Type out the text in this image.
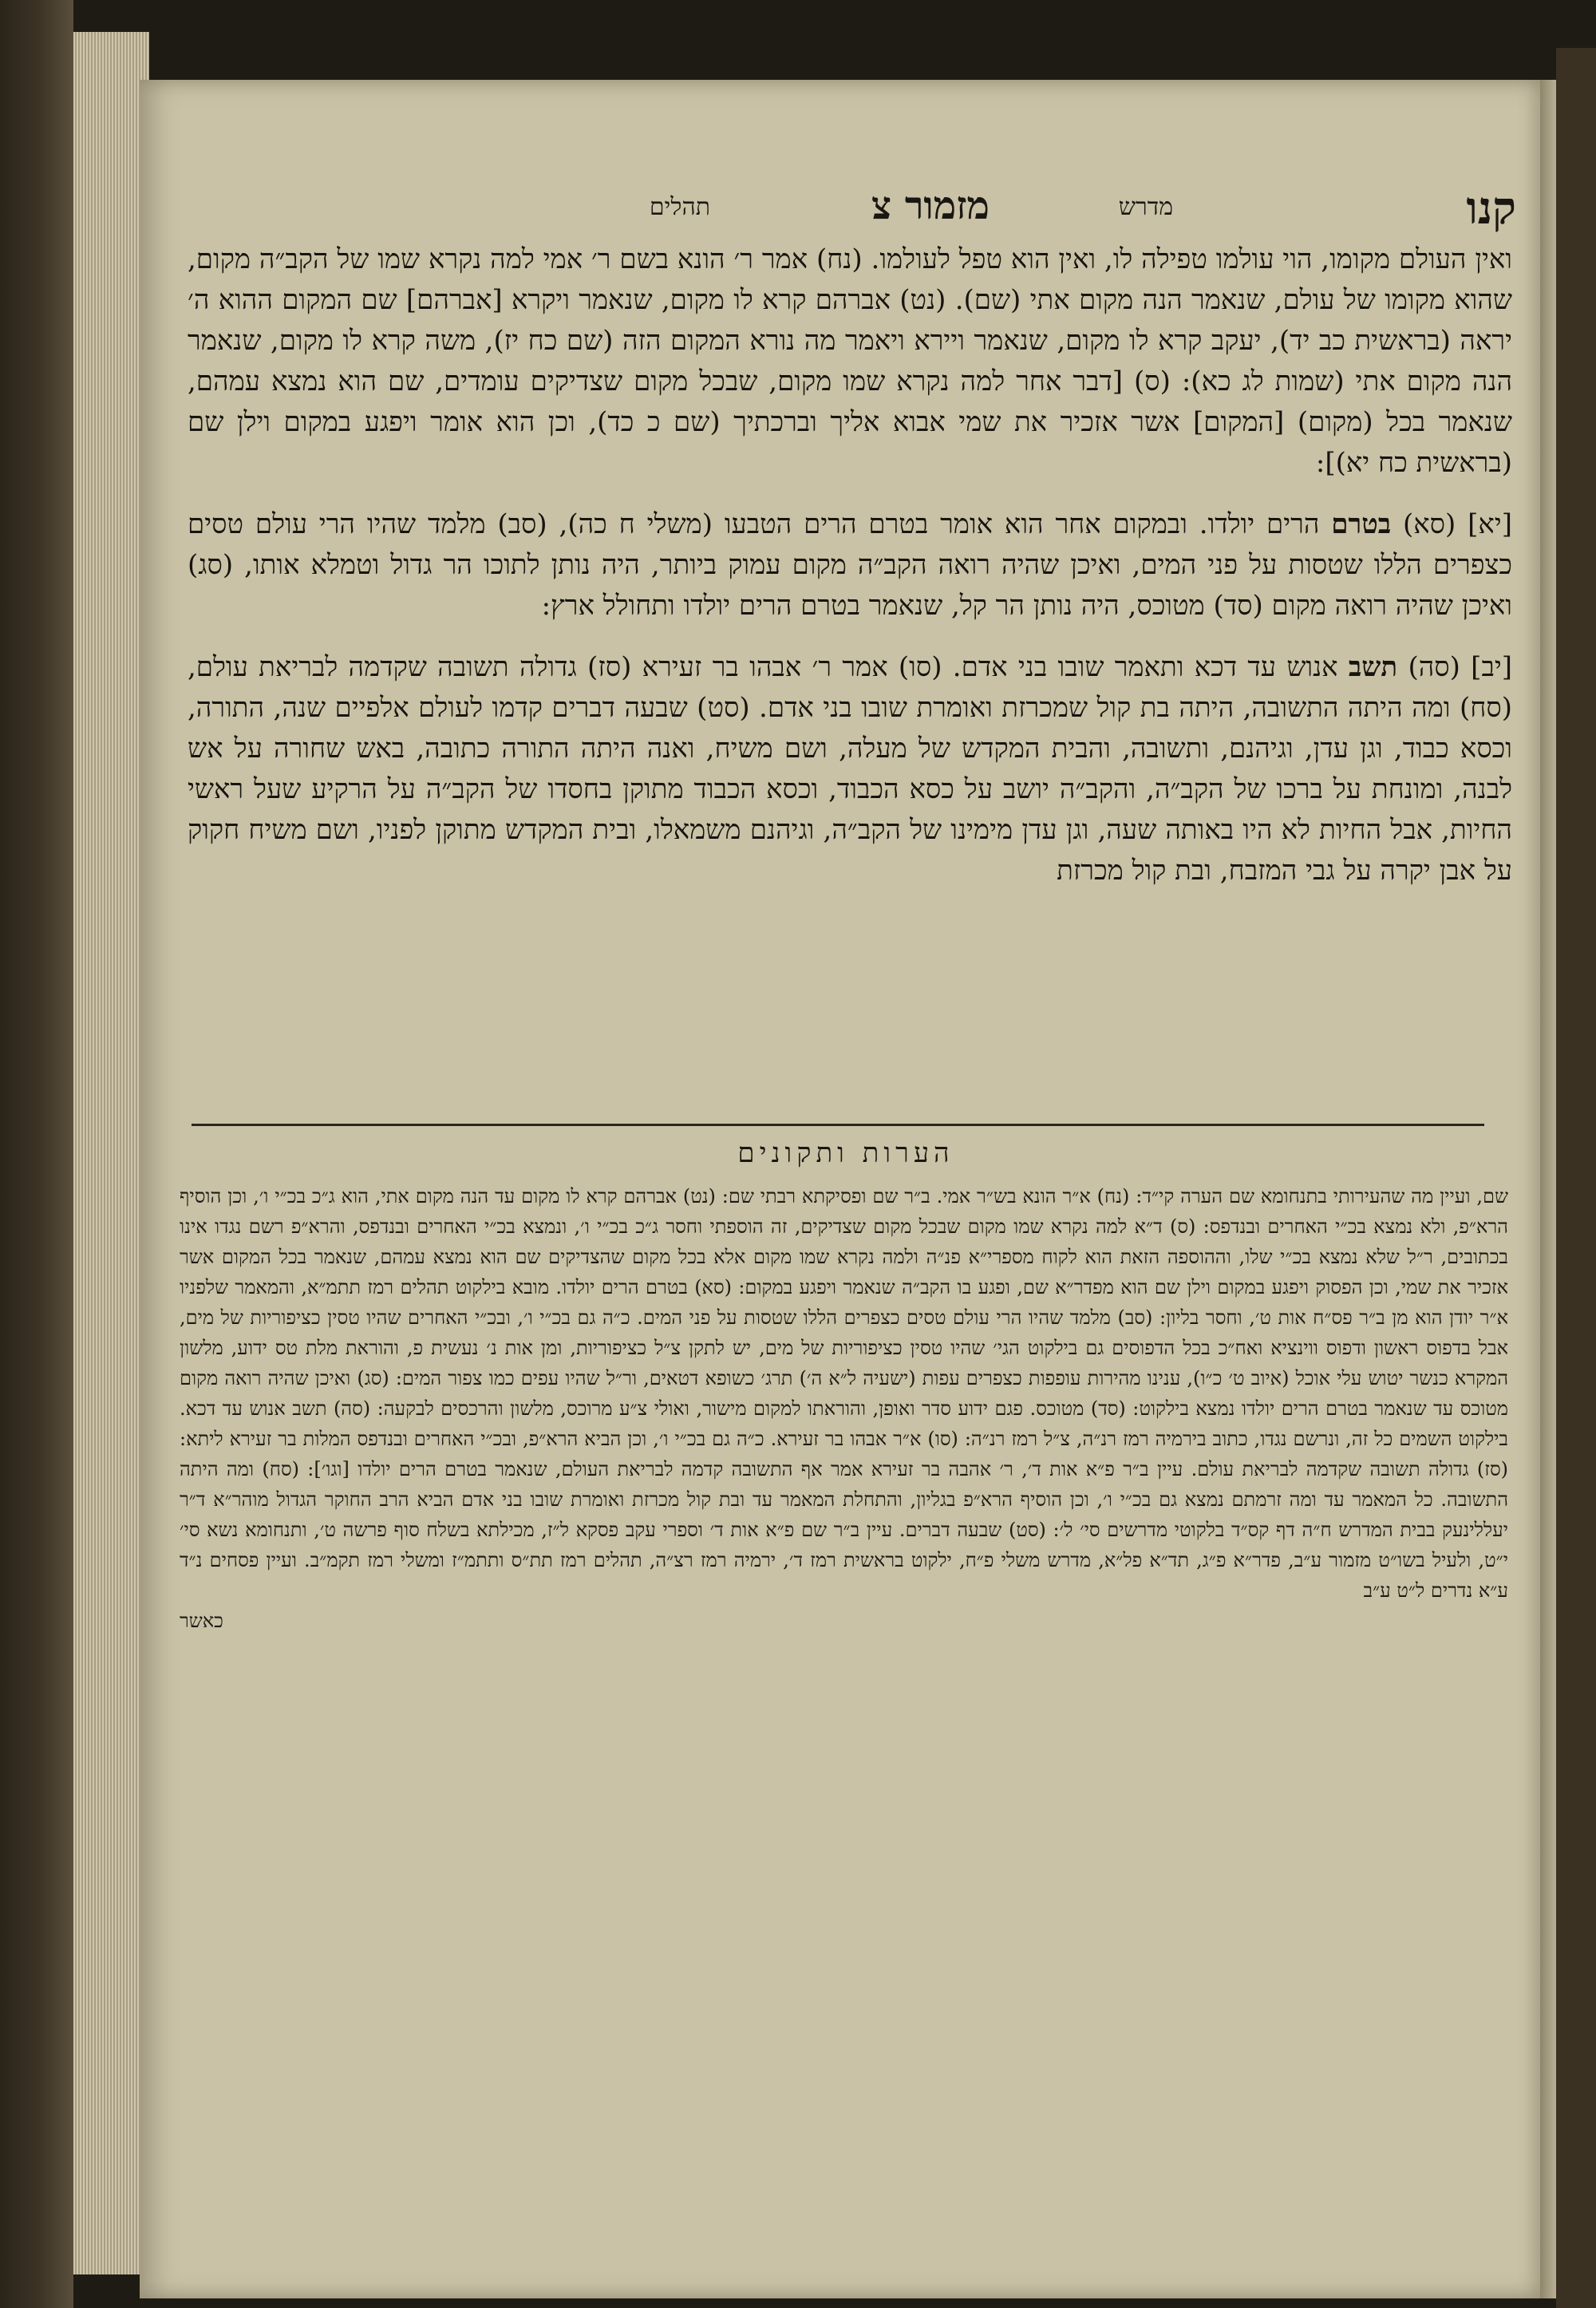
קנו
מדרש
מזמור צ
תהלים

ואין העולם מקומו, הוי עולמו טפילה לו, ואין הוא טפל לעולמו. (נח) אמר ר׳ הונא בשם ר׳ אמי למה נקרא שמו של הקב״ה מקום, שהוא מקומו של עולם, שנאמר הנה מקום אתי (שם). (נט) אברהם קרא לו מקום, שנאמר ויקרא [אברהם] שם המקום ההוא ה׳ יראה (בראשית כב יד), יעקב קרא לו מקום, שנאמר ויירא ויאמר מה נורא המקום הזה (שם כח יז), משה קרא לו מקום, שנאמר הנה מקום אתי (שמות לג כא): (ס) [דבר אחר למה נקרא שמו מקום, שבכל מקום שצדיקים עומדים, שם הוא נמצא עמהם, שנאמר בכל (מקום) [המקום] אשר אזכיר את שמי אבוא אליך וברכתיך (שם כ כד), וכן הוא אומר ויפגע במקום וילן שם (בראשית כח יא)]:

[יא] (סא) בטרם הרים יולדו. ובמקום אחר הוא אומר בטרם הרים הטבעו (משלי ח כה), (סב) מלמד שהיו הרי עולם טסים כצפרים הללו שטסות על פני המים, ואיכן שהיה רואה הקב״ה מקום עמוק ביותר, היה נותן לתוכו הר גדול וטמלא אותו, (סג) ואיכן שהיה רואה מקום (סד) מטוכס, היה נותן הר קל, שנאמר בטרם הרים יולדו ותחולל ארץ:

[יב] (סה) תשב אנוש עד דכא ותאמר שובו בני אדם. (סו) אמר ר׳ אבהו בר זעירא (סז) גדולה תשובה שקדמה לבריאת עולם, (סח) ומה היתה התשובה, היתה בת קול שמכרזת ואומרת שובו בני אדם. (סט) שבעה דברים קדמו לעולם אלפיים שנה, התורה, וכסא כבוד, וגן עדן, וגיהנם, ותשובה, והבית המקדש של מעלה, ושם משיח, ואנה היתה התורה כתובה, באש שחורה על אש לבנה, ומונחת על ברכו של הקב״ה, והקב״ה יושב על כסא הכבוד, וכסא הכבוד מתוקן בחסדו של הקב״ה על הרקיע שעל ראשי החיות, אבל החיות לא היו באותה שעה, וגן עדן מימינו של הקב״ה, וגיהנם משמאלו, ובית המקדש מתוקן לפניו, ושם משיח חקוק על אבן יקרה על גבי המזבח, ובת קול מכרזת

הערות ותקונים
שם, ועיין מה שהעירותי בתנחומא שם הערה קי״ד: (נח) א״ר הונא בש״ר אמי. ב״ר שם ופסיקתא רבתי שם: (נט) אברהם קרא לו מקום עד הנה מקום אתי, הוא ג״כ בכ״י ו׳, וכן הוסיף הרא״פ, ולא נמצא בכ״י האחרים ובנדפס: (ס) ד״א למה נקרא שמו מקום שבכל מקום שצדיקים, זה הוספתי וחסר ג״כ בכ״י ו׳, ונמצא בכ״י האחרים ובנדפס, והרא״פ רשם נגדו אינו בכתובים, ר״ל שלא נמצא בכ״י שלו, וההוספה הזאת הוא לקוח מספרי״א פנ״ה ולמה נקרא שמו מקום אלא בכל מקום שהצדיקים שם הוא נמצא עמהם, שנאמר בכל המקום אשר אזכיר את שמי, וכן הפסוק ויפגע במקום וילן שם הוא מפדר״א שם, ופגע בו הקב״ה שנאמר ויפגע במקום: (סא) בטרם הרים יולדו. מובא בילקוט תהלים רמז תתמ״א, והמאמר שלפניו א״ר יודן הוא מן ב״ר פס״ח אות ט׳, וחסר בליון: (סב) מלמד שהיו הרי עולם טסים כצפרים הללו שטסות על פני המים. כ״ה גם בכ״י ו׳, ובכ״י האחרים שהיו טסין כציפוריות של מים, אבל בדפוס ראשון ודפוס ווינציא ואח״כ בכל הדפוסים גם בילקוט הגי׳ שהיו טסין כציפוריות של מים, יש לתקן צ״ל כציפוריות, ומן אות נ׳ נעשית פ, והוראת מלת טס ידוע, מלשון המקרא כנשר יטוש עלי אוכל (איוב ט׳ כ״ו), ענינו מהירות עופפות כצפרים עפות (ישעיה ל״א ה׳) תרג׳ כשופא דטאים, ור״ל שהיו עפים כמו צפור המים: (סג) ואיכן שהיה רואה מקום מטוכס עד שנאמר בטרם הרים יולדו נמצא בילקוט: (סד) מטוכס. פגם ידוע סדר ואופן, והוראתו למקום מישור, ואולי צ״ע מרוכס, מלשון והרכסים לבקעה: (סה) תשב אנוש עד דכא. בילקוט השמים כל זה, ונרשם נגדו, כתוב בירמיה רמז רנ״ה, צ״ל רמז רנ״ה: (סו) א״ר אבהו בר זעירא. כ״ה גם בכ״י ו׳, וכן הביא הרא״פ, ובכ״י האחרים ובנדפס המלות בר זעירא ליתא: (סז) גדולה תשובה שקדמה לבריאת עולם. עיין ב״ר פ״א אות ד׳, ר׳ אהבה בר זעירא אמר אף התשובה קדמה לבריאת העולם, שנאמר בטרם הרים יולדו [וגו׳]: (סח) ומה היתה התשובה. כל המאמר עד ומה זרמתם נמצא גם בכ״י ו׳, וכן הוסיף הרא״פ בגליון, והתחלת המאמר עד ובת קול מכרזת ואומרת שובו בני אדם הביא הרב החוקר הגדול מוהר״א ד״ר יעללינעק בבית המדרש ח״ה דף קס״ד בלקוטי מדרשים סי׳ ל׳: (סט) שבעה דברים. עיין ב״ר שם פ״א אות ד׳ וספרי עקב פסקא ל״ז, מכילתא בשלח סוף פרשה ט׳, ותנחומא נשא סי׳ י״ט, ולעיל בשו״ט מזמור ע״ב, פדר״א פ״ג, תד״א פל״א, מדרש משלי פ״ח, ילקוט בראשית רמז ד׳, ירמיה רמז רצ״ה, תהלים רמז תת״ס ותתמ״ז ומשלי רמז תקמ״ב. ועיין פסחים נ״ד ע״א נדרים ל״ט ע״ב
כאשר
